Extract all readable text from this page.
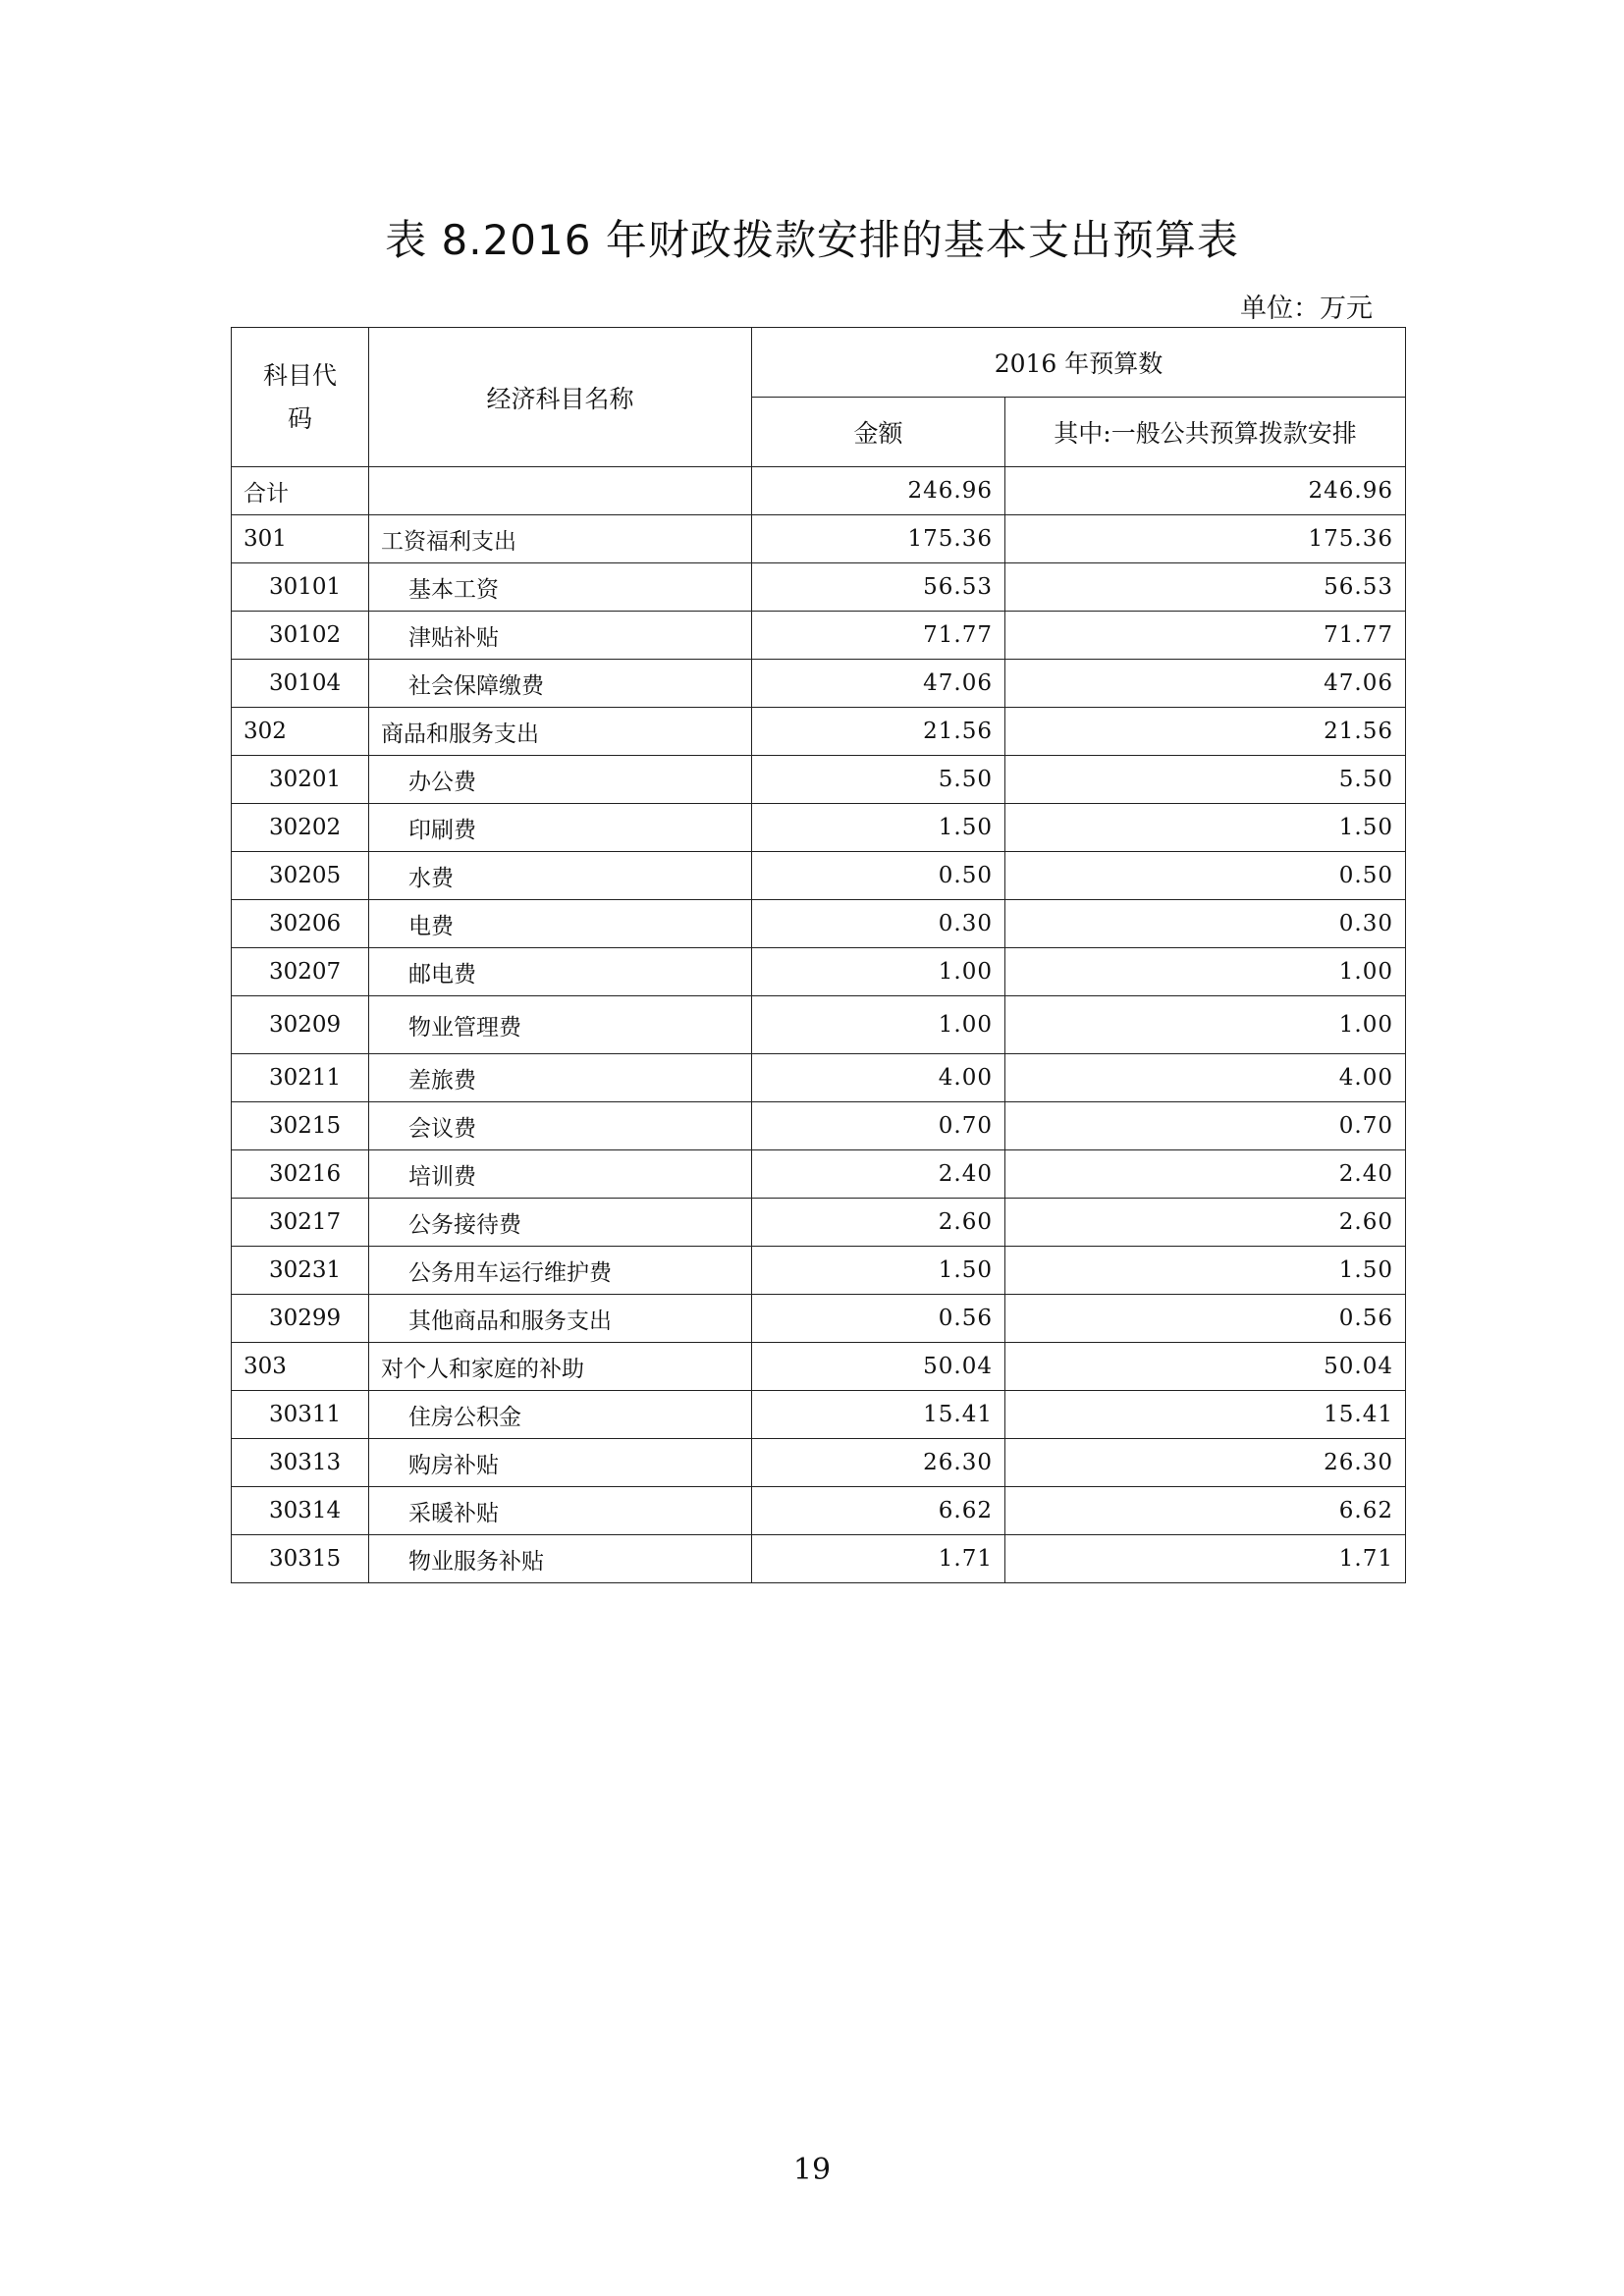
表 8.2016 年财政拨款安排的基本支出预算表
单位：万元
科目代码	经济科目名称	2016 年预算数	
		金额	其中:一般公共预算拨款安排
合计		246.96	246.96
301	工资福利支出	175.36	175.36
30101	基本工资	56.53	56.53
30102	津贴补贴	71.77	71.77
30104	社会保障缴费	47.06	47.06
302	商品和服务支出	21.56	21.56
30201	办公费	5.50	5.50
30202	印刷费	1.50	1.50
30205	水费	0.50	0.50
30206	电费	0.30	0.30
30207	邮电费	1.00	1.00
30209	物业管理费	1.00	1.00
30211	差旅费	4.00	4.00
30215	会议费	0.70	0.70
30216	培训费	2.40	2.40
30217	公务接待费	2.60	2.60
30231	公务用车运行维护费	1.50	1.50
30299	其他商品和服务支出	0.56	0.56
303	对个人和家庭的补助	50.04	50.04
30311	住房公积金	15.41	15.41
30313	购房补贴	26.30	26.30
30314	采暖补贴	6.62	6.62
30315	物业服务补贴	1.71	1.71
19
